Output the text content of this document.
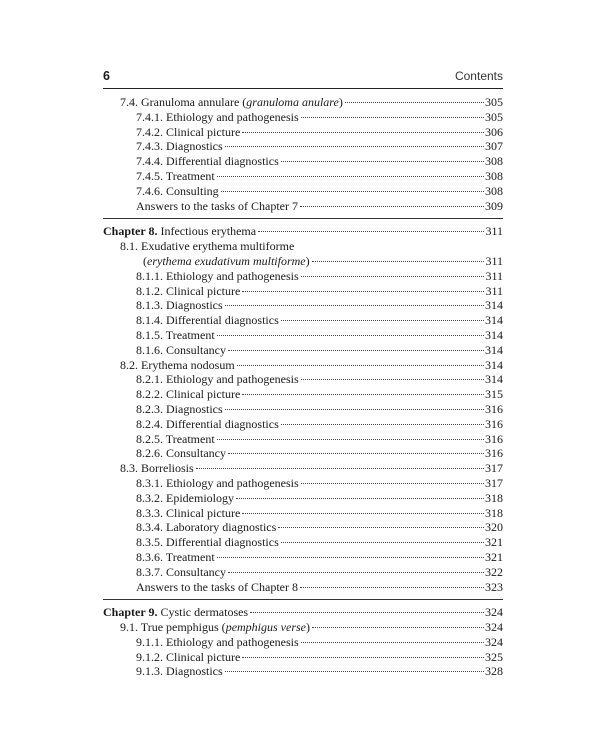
6	Contents
7.4. Granuloma annulare (granuloma anulare)	305
7.4.1. Ethiology and pathogenesis	305
7.4.2. Clinical picture	306
7.4.3. Diagnostics	307
7.4.4. Differential diagnostics	308
7.4.5. Treatment	308
7.4.6. Consulting	308
Answers to the tasks of Chapter 7	309
Chapter 8. Infectious erythema	311
8.1. Exudative erythema multiforme
(erythema exudativum multiforme)	311
8.1.1. Ethiology and pathogenesis	311
8.1.2. Clinical picture	311
8.1.3. Diagnostics	314
8.1.4. Differential diagnostics	314
8.1.5. Treatment	314
8.1.6. Consultancy	314
8.2. Erythema nodosum	314
8.2.1. Ethiology and pathogenesis	314
8.2.2. Clinical picture	315
8.2.3. Diagnostics	316
8.2.4. Differential diagnostics	316
8.2.5. Treatment	316
8.2.6. Consultancy	316
8.3. Borreliosis	317
8.3.1. Ethiology and pathogenesis	317
8.3.2. Epidemiology	318
8.3.3. Clinical picture	318
8.3.4. Laboratory diagnostics	320
8.3.5. Differential diagnostics	321
8.3.6. Treatment	321
8.3.7. Consultancy	322
Answers to the tasks of Chapter 8	323
Chapter 9. Cystic dermatoses	324
9.1. True pemphigus (pemphigus verse)	324
9.1.1. Ethiology and pathogenesis	324
9.1.2. Clinical picture	325
9.1.3. Diagnostics	328
